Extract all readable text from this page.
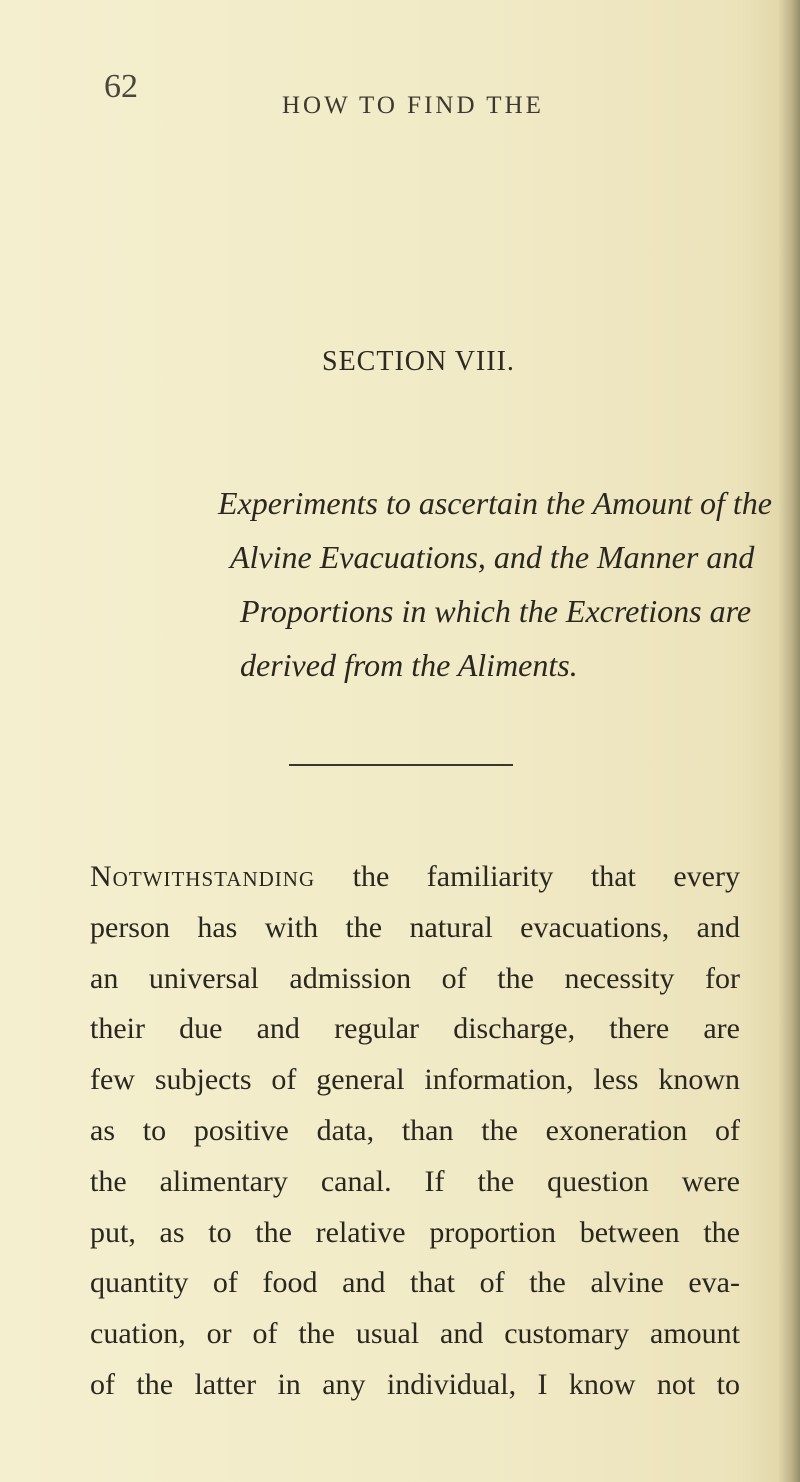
62
HOW TO FIND THE
SECTION VIII.
Experiments to ascertain the Amount of the
Alvine Evacuations, and the Manner and
Proportions in which the Excretions are
derived from the Aliments.
Notwithstanding the familiarity that every
person has with the natural evacuations, and
an universal admission of the necessity for
their due and regular discharge, there are
few subjects of general information, less known
as to positive data, than the exoneration of
the alimentary canal. If the question were
put, as to the relative proportion between the
quantity of food and that of the alvine eva-
cuation, or of the usual and customary amount
of the latter in any individual, I know not to
